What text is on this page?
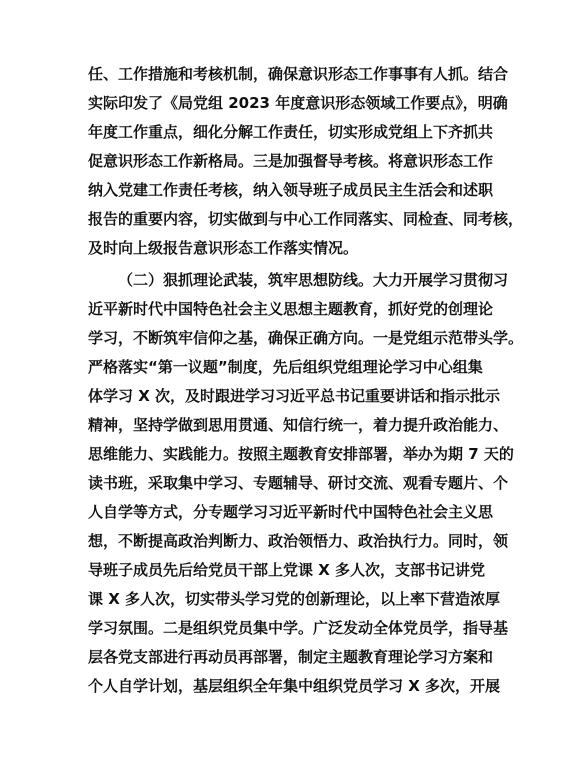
任、工作措施和考核机制，确保意识形态工作事事有人抓。结合
实际印发了《局党组 2023 年度意识形态领域工作要点》，明确
年度工作重点，细化分解工作责任，切实形成党组上下齐抓共
促意识形态工作新格局。三是加强督导考核。将意识形态工作
纳入党建工作责任考核，纳入领导班子成员民主生活会和述职
报告的重要内容，切实做到与中心工作同落实、同检查、同考核，
及时向上级报告意识形态工作落实情况。
（二）狠抓理论武装，筑牢思想防线。大力开展学习贯彻习
近平新时代中国特色社会主义思想主题教育，抓好党的创理论
学习，不断筑牢信仰之基，确保正确方向。一是党组示范带头学。
严格落实“第一议题”制度，先后组织党组理论学习中心组集
体学习 X 次，及时跟进学习习近平总书记重要讲话和指示批示
精神，坚持学做到思用贯通、知信行统一，着力提升政治能力、
思维能力、实践能力。按照主题教育安排部署，举办为期 7 天的
读书班，采取集中学习、专题辅导、研讨交流、观看专题片、个
人自学等方式，分专题学习习近平新时代中国特色社会主义思
想，不断提高政治判断力、政治领悟力、政治执行力。同时，领
导班子成员先后给党员干部上党课 X 多人次，支部书记讲党
课 X 多人次，切实带头学习党的创新理论，以上率下营造浓厚
学习氛围。二是组织党员集中学。广泛发动全体党员学，指导基
层各党支部进行再动员再部署，制定主题教育理论学习方案和
个人自学计划，基层组织全年集中组织党员学习 X 多次，开展
